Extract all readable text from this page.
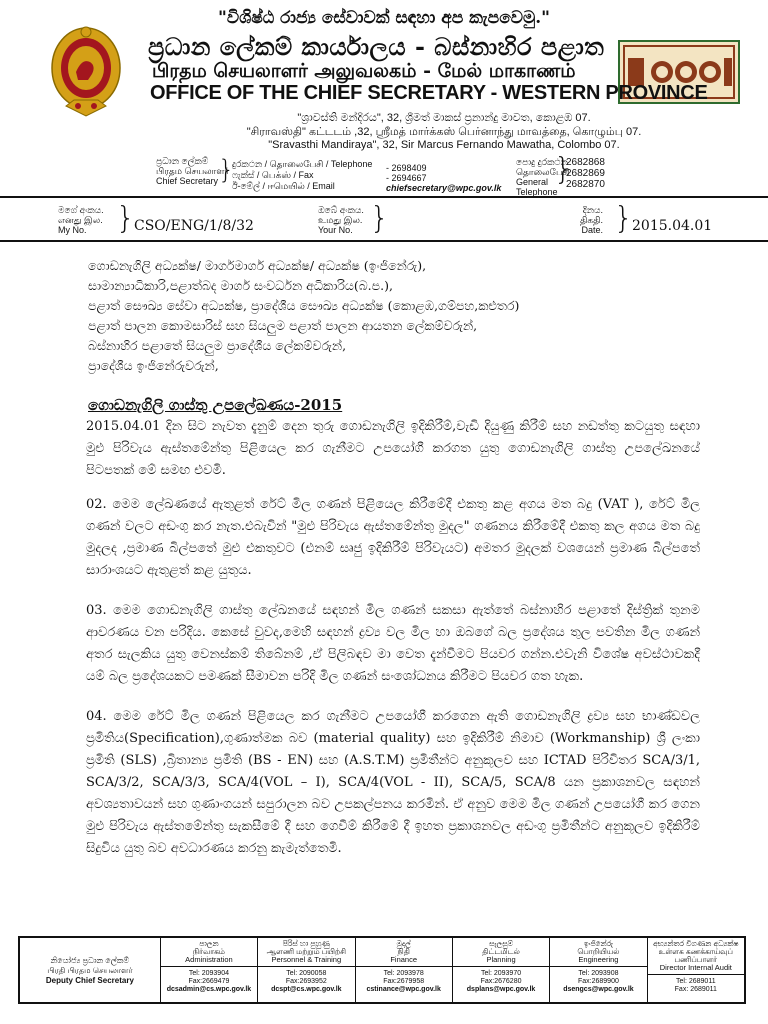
"විශිෂ්ඨ රාජ්‍ය සේවාවක් සඳහා අප කැපවෙමු."
ප්‍රධාන ලේකම් කාර්යාලය - බස්නාහිර පළාත
பிரதம செயலாளர் அலுவலகம் - மேல் மாகாணம்
OFFICE OF THE CHIEF SECRETARY - WESTERN PROVINCE
"ශ්‍රාවස්ති මන්දිරය", 32, ශ්‍රීමත් මාකස් ප්‍රනාන්දු මාවත, කොළඹ 07.
"சிராவஸ்தி" கட்டடம் ,32, ஸ்ரீமத் மார்க்கஸ் பெர்னாந்து மாவத்தை, கொழும்பு 07.
"Sravasthi Mandiraya", 32, Sir Marcus Fernando Mawatha, Colombo 07.
ප්‍රධාන ලේකම්
பிரதம செயலாளர்
Chief Secretary }
දුරකථන / தொலைபேசி / Telephone
ෆැක්ස් / பெக்ஸ் / Fax
ඊ-මේල් / ஈமெயில் / Email
- 2698409
- 2694667
chiefsecretary@wpc.gov.lk
පොදු දුරකථන
தொலைபேசி
General
Telephone
}
2682868
2682869
2682870
මගේ අංකය.
எனது இல.
My No. }
CSO/ENG/1/8/32
ඔබේ අංකය.
உமது இல.
Your No. }	දිනය.
திகதி.
Date. }
2015.04.01
ගොඩනැගිලි අධ්‍යක්ෂ/ මාර්ගමාර්ග අධ්‍යක්ෂ/ අධ්‍යක්ෂ (ඉංජිනේරු),
සාමාන්‍යාධිකාරි,පළාත්බද මාර්ග සංවර්ධන අධිකාරිය(බ.ප.),
පළාත් සෞඛ්‍ය සේවා අධ්‍යක්ෂ, ප්‍රාදේශීය සෞඛ්‍ය අධ්‍යක්ෂ (කොළඹ,ගම්පහ,කළුතර)
පළාත් පාලන කොමසාරිස් සහ සියලුම පළාත් පාලන ආයතන ලේකම්වරුන්,
බස්නාහිර පළාතේ සියලුම ප්‍රාදේශීය ලේකම්වරුන්,
ප්‍රාදේශීය ඉංජිනේරුවරුන්,
ගොඩනැගිලි ගාස්තු උපලේඛණය-2015
2015.04.01 දින සිට නැවත දැනුම් දෙන තුරු ගොඩනැගිලි ඉදිකිරීම්,වැඩි දියුණු කිරීම් සහ නඩත්තු කටයුතු සඳහා මුළු පිරිවැය ඇස්තමේන්තු පිළියෙල කර ගැනීමට උපයෝගී කරගත යුතු ගොඩනැගිලි ගාස්තු උපලේඛනයේ පිටපතක් මේ සමඟ එවමි.
02. මෙම ලේඛණයේ ඇතුළත් රේට් මිල ගණන් පිළියෙල කිරීමේදී එකතු කළ අගය මත බදු (VAT ), රේට් මිල ගණන් වලට අඩංගු කර නැත.එබැවින් "මුළු පිරිවැය ඇස්තමේන්තු මුදල" ගණනය කිරීමේදී එකතු කල අගය මත බදු මුදලද ,ප්‍රමාණ බිල්පතේ මුළු එකතුවට (එනම් සෘජු ඉදිකිරීම් පිරිවැයට) අමතර මුදලක් වශයෙන් ප්‍රමාණ බිල්පතේ සාරාංශයට ඇතුළත් කළ යුතුය.
03. මෙම ගොඩනැගිලි ගාස්තු ලේඛනයේ සඳහන් මිල ගණන් සකසා ඇත්තේ බස්නාහිර පළාතේ දිස්ත්‍රික් තුනම ආවරණය වන පරිදිය. කෙසේ වුවද,මෙහි සඳහන් ද්‍රව්‍ය වල මිල හා ඔබගේ බල ප්‍රදේශය තුල පවතින මිල ගණන් අතර සැලකිය යුතු වෙනස්කම් තිබේනම් ,ඒ පිලිබඳව මා වෙත දැන්වීමට පියවර ගන්න.එවැනි විශේෂ අවස්ථාවකදී යම් බල ප්‍රදේශයකට පමණක් සීමාවන පරිදි මිල ගණන් සංශෝධනය කිරීමට පියවර ගත හැක.
04. මෙම රේට් මිල ගණන් පිළියෙල කර ගැනීමට උපයෝගී කරගෙන ඇති ගොඩනැගිලි ද්‍රව්‍ය සහ භාණ්ඩවල ප්‍රමිතිය(Specification),ගුණාත්මක බව (material quality) සහ ඉදිකිරීම් නිමාව (Workmanship) ශ්‍රී ලංකා ප්‍රමිති (SLS) ,බ්‍රිතාන්‍ය ප්‍රමිති (BS - EN) සහ (A.S.T.M) ප්‍රමිතීන්ට අනුකූලව සහ ICTAD පිරිවිතර SCA/3/1, SCA/3/2, SCA/3/3, SCA/4(VOL – I), SCA/4(VOL - II), SCA/5, SCA/8 යන ප්‍රකාශනවල සඳහන් අවශ්‍යතාවයන් සහ ගුණාංගයන් සපුරාලන බව උපකල්පනය කරමින්. ඒ අනුව මෙම මිල ගණන් උපයෝගී කර ගෙන මුළු පිරිවැය ඇස්තමේන්තු සැකසීමේ දී සහ ගෙවීම් කිරීමේ දී ඉහත ප්‍රකාශනවල අඩංගු ප්‍රමිතීන්ට අනුකූලව ඉදිකිරීම් සිදුවිය යුතු බව අවධාරණය කරනු කැමැත්තෙමි.
නියෝජ්‍ය ප්‍රධාන ලේකම්
பிரதி பிரதம செயலாளர்
Deputy Chief Secretary
පාලන
நிர்வாகம்
Administration
Tel: 2093904
Fax:2669479
dcsadmin@cs.wpc.gov.lk
පිරිස් හා පුහුණු
ஆளணி மற்றும் பயிற்சி
Personnel & Training
Tel: 2090058
Fax:2693952
dcspt@cs.wpc.gov.lk
මුදල්
நிதி
Finance
Tel: 2093978
Fax:2679958
cstinance@wpc.gov.lk
සැලසුම්
திட்டமிடல்
Planning
Tel: 2093970
Fax:2676280
dsplans@wpc.gov.lk
ඉංජිනේරු
பொறியியல்
Engineering
Tel: 2093908
Fax:2689900
dsengcs@wpc.gov.lk
අභ්‍යන්තර විගණන අධ්‍යක්ෂ
உள்ளக கணக்காய்வுப் பணிப்பாளர்
Director Internal Audit
Tel: 2689011
Fax: 2689011
